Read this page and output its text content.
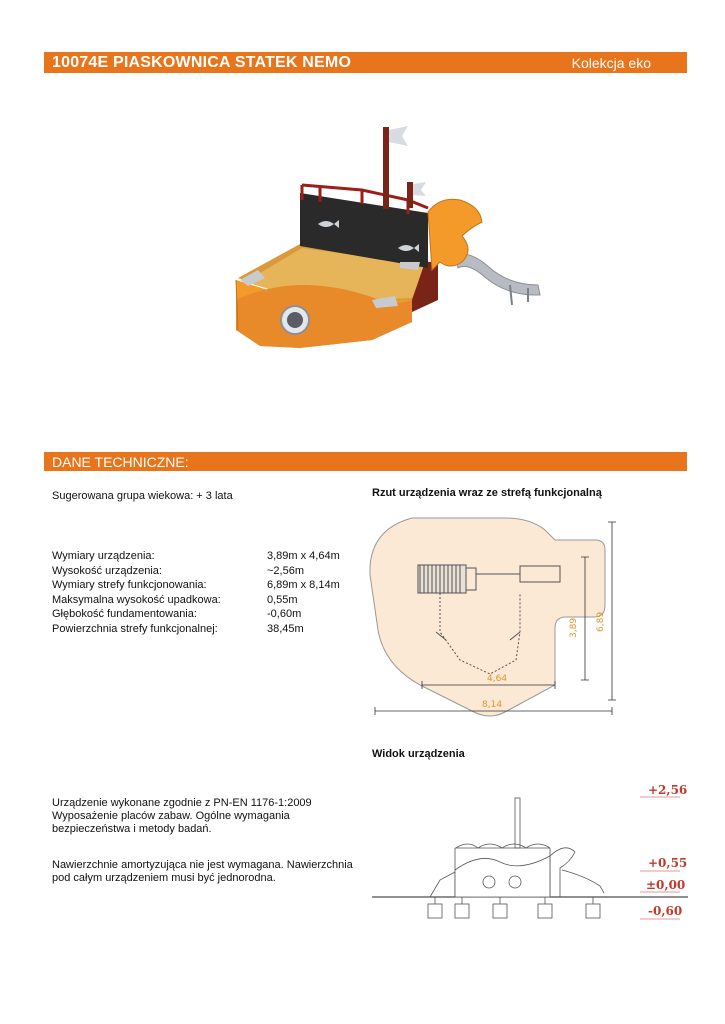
10074E PIASKOWNICA STATEK NEMO	Kolekcja eko
DANE TECHNICZNE:
Sugerowana grupa wiekowa: + 3 lata
Wymiary urządzenia:	3,89m x 4,64m
Wysokość urządzenia:	~2,56m
Wymiary strefy funkcjonowania:	6,89m x 8,14m
Maksymalna wysokość upadkowa:	0,55m
Głębokość fundamentowania:	-0,60m
Powierzchnia strefy funkcjonalnej:	38,45m
Urządzenie wykonane zgodnie z PN-EN 1176-1:2009
Wyposażenie placów zabaw. Ogólne wymagania
bezpieczeństwa i metody badań.
Nawierzchnie amortyzująca nie jest wymagana. Nawierzchnia
pod całym urządzeniem musi być jednorodna.
Rzut urządzenia wraz ze strefą funkcjonalną
4,64
8,14
3,89 6,89
Widok urządzenia
+2,56
+0,55
±0,00
-0,60
